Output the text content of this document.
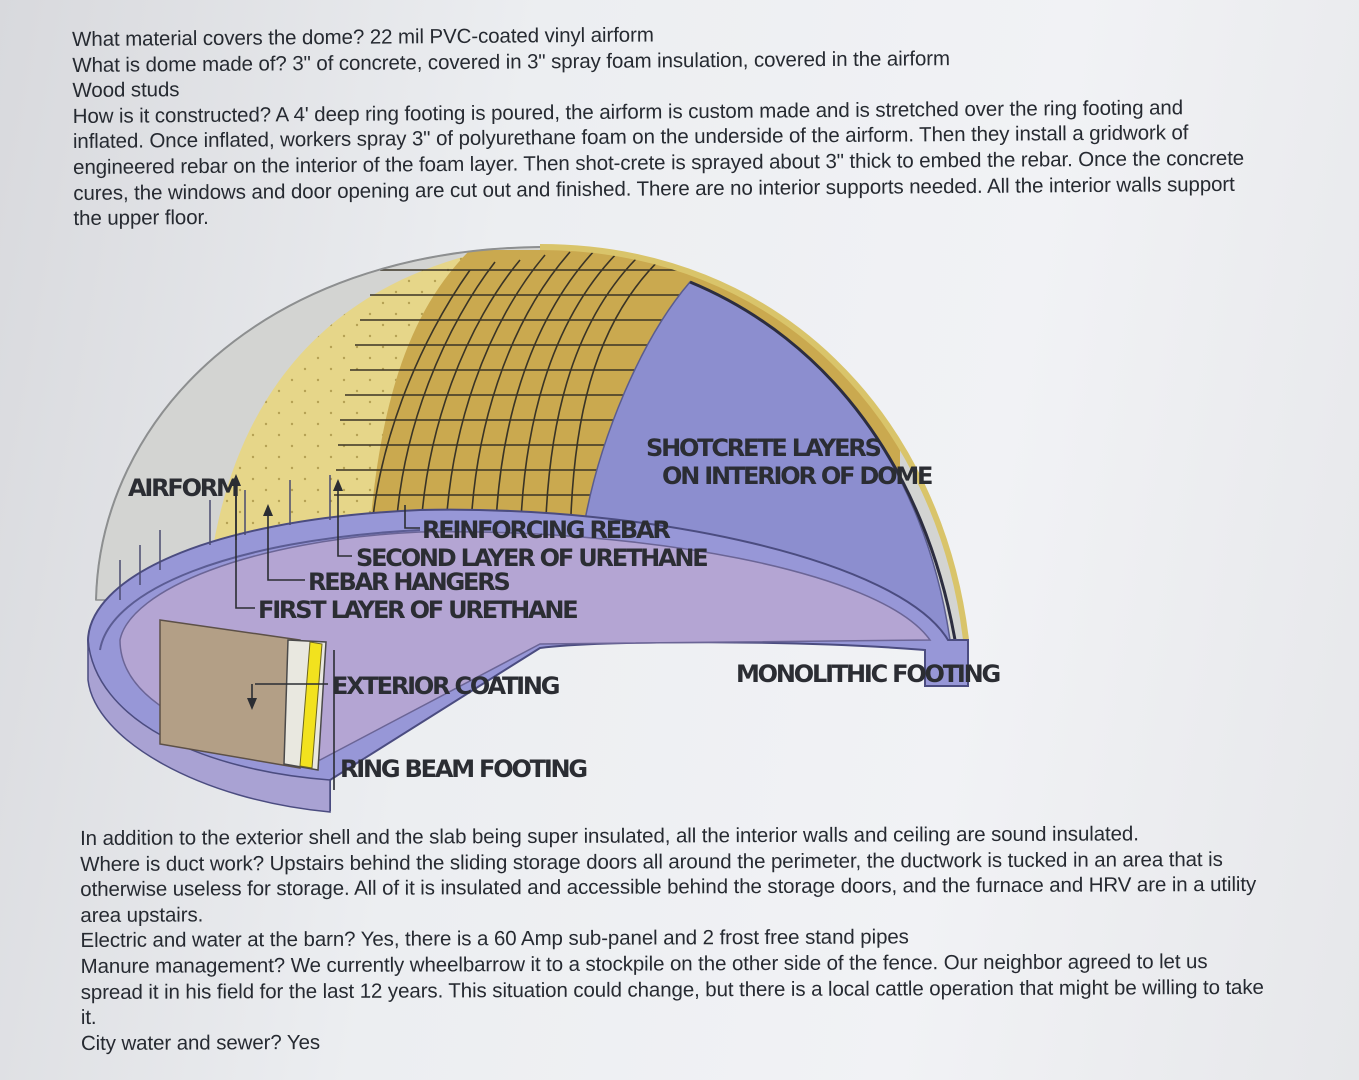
What material covers the dome? 22 mil PVC-coated vinyl airform

What is dome made of? 3" of concrete, covered in 3" spray foam insulation, covered in the airform

Wood studs

How is it constructed? A 4' deep ring footing is poured, the airform is custom made and is stretched over the ring footing and inflated. Once inflated, workers spray 3" of polyurethane foam on the underside of the airform. Then they install a gridwork of engineered rebar on the interior of the foam layer. Then shot-crete is sprayed about 3" thick to embed the rebar. Once the concrete cures, the windows and door opening are cut out and finished. There are no interior supports needed. All the interior walls support the upper floor.

AIRFORM
SHOTCRETE LAYERS
ON INTERIOR OF DOME
REINFORCING REBAR
SECOND LAYER OF URETHANE
REBAR HANGERS
FIRST LAYER OF URETHANE
EXTERIOR COATING	MONOLITHIC FOOTING
RING BEAM FOOTING

In addition to the exterior shell and the slab being super insulated, all the interior walls and ceiling are sound insulated.

Where is duct work? Upstairs behind the sliding storage doors all around the perimeter, the ductwork is tucked in an area that is otherwise useless for storage. All of it is insulated and accessible behind the storage doors, and the furnace and HRV are in a utility area upstairs.

Electric and water at the barn? Yes, there is a 60 Amp sub-panel and 2 frost free stand pipes

Manure management? We currently wheelbarrow it to a stockpile on the other side of the fence. Our neighbor agreed to let us spread it in his field for the last 12 years. This situation could change, but there is a local cattle operation that might be willing to take it.

City water and sewer? Yes
